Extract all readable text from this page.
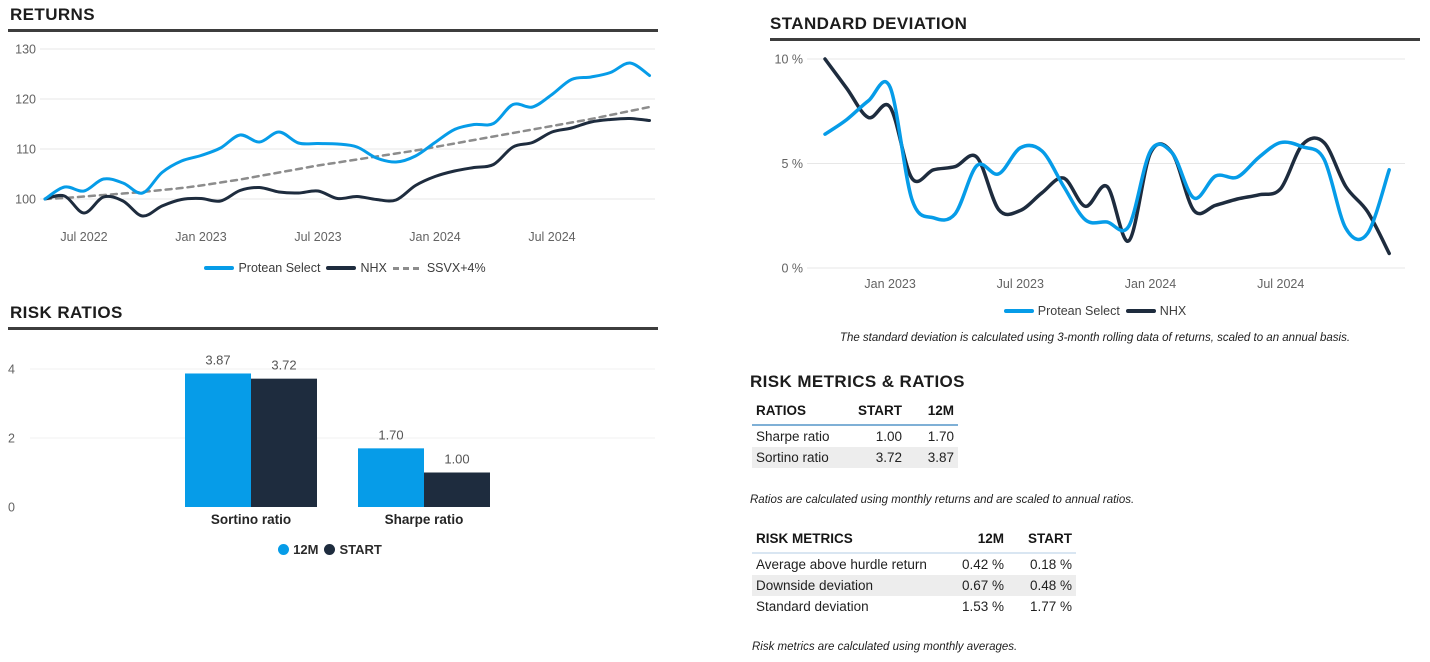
RETURNS
100
110
120
130
Jul 2022	Jan 2023	Jul 2023	Jan 2024	Jul 2024
Protean Select	NHX	SSVX+4%
RISK RATIOS
4
2
0
3.87	3.72
Sortino ratio
1.70
1.00
Sharpe ratio
12M START
STANDARD DEVIATION
0 %
5 %
10 %
Jan 2023	Jul 2023	Jan 2024	Jul 2024
Protean Select	NHX
The standard deviation is calculated using 3-month rolling data of returns, scaled to an annual basis.
RISK METRICS & RATIOS
RATIOS	START	12M
Sharpe ratio	1.00	1.70
Sortino ratio	3.72	3.87
Ratios are calculated using monthly returns and are scaled to annual ratios.
RISK METRICS	12M	START
Average above hurdle return	0.42 %	0.18 %
Downside deviation	0.67 %	0.48 %
Standard deviation	1.53 %	1.77 %
Risk metrics are calculated using monthly averages.
